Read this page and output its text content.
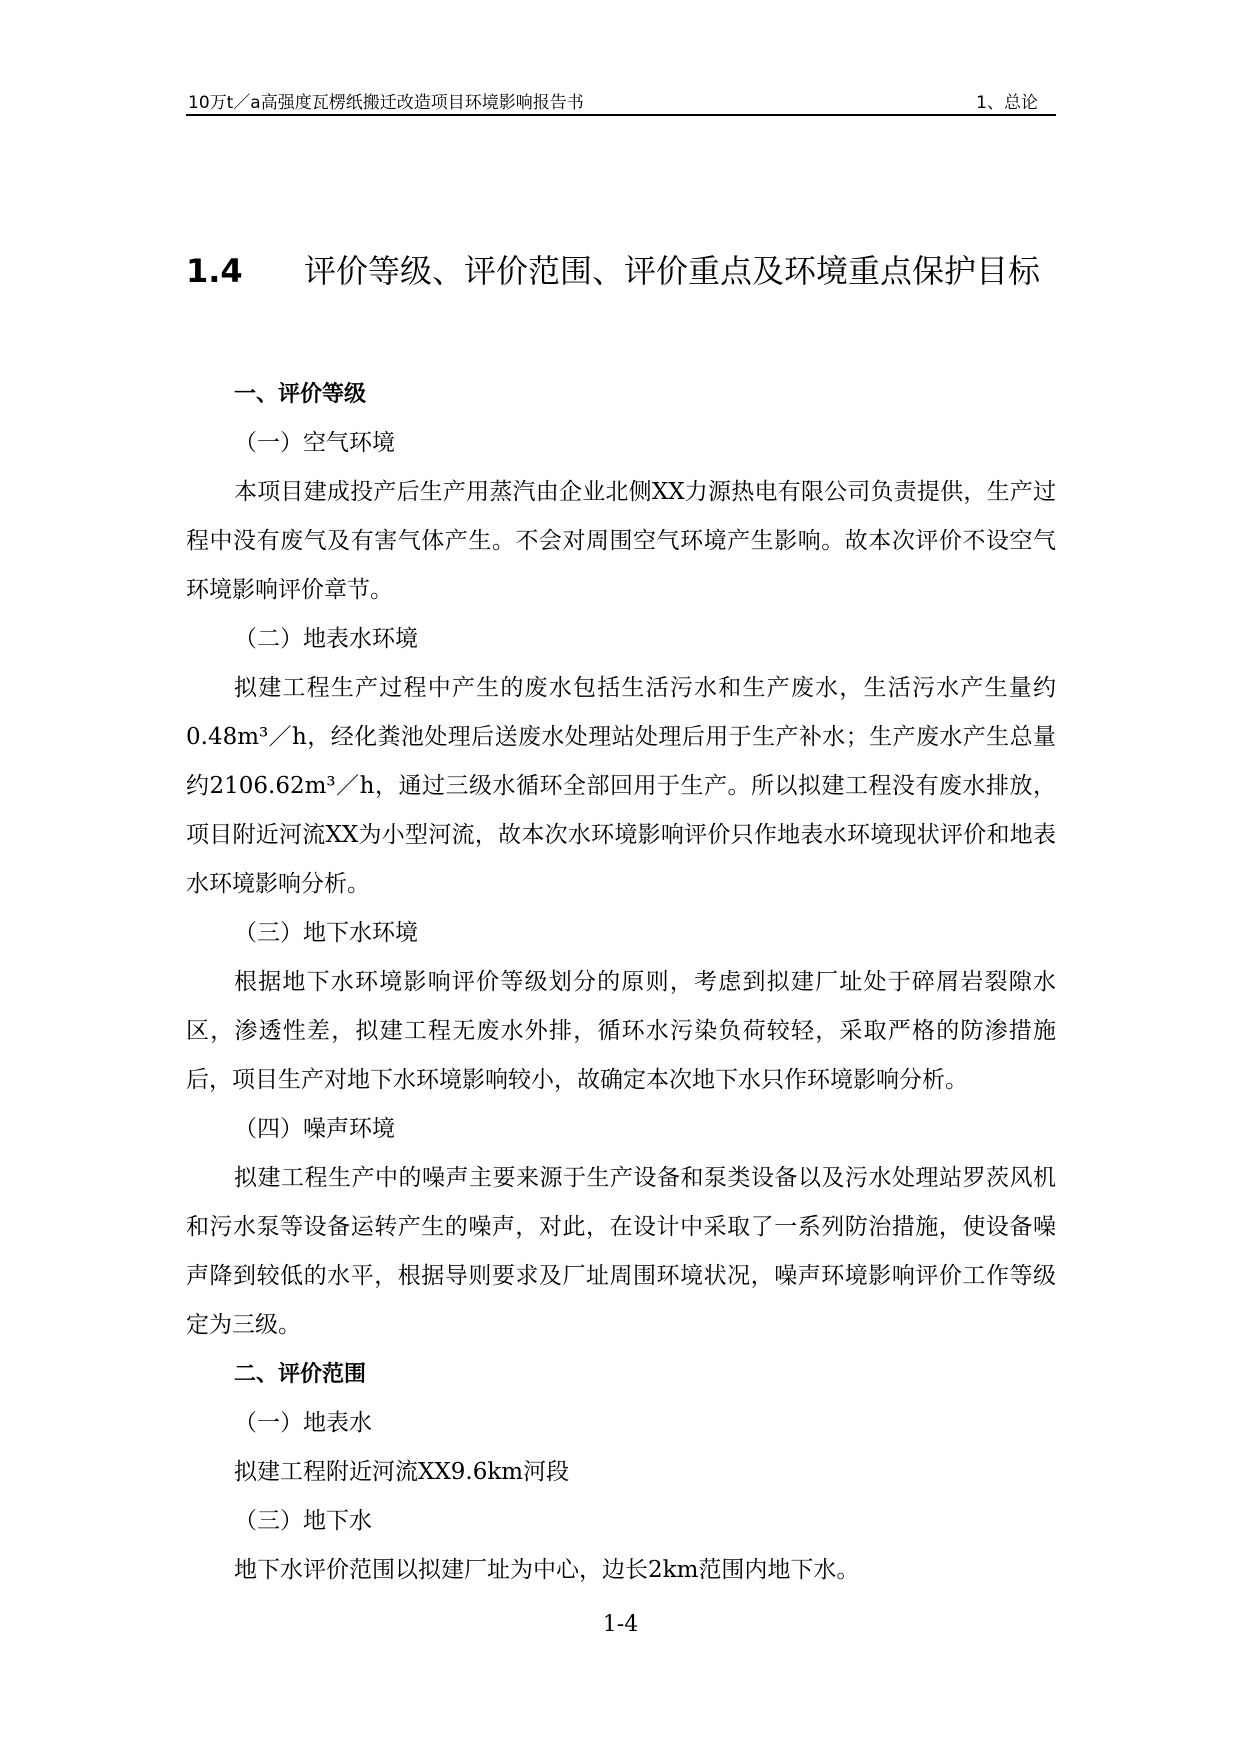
10万t／a高强度瓦楞纸搬迁改造项目环境影响报告书	1、总论
1.4 评价等级、评价范围、评价重点及环境重点保护目标
一、评价等级
（一）空气环境
本项目建成投产后生产用蒸汽由企业北侧XX力源热电有限公司负责提供，生产过程中没有废气及有害气体产生。不会对周围空气环境产生影响。故本次评价不设空气环境影响评价章节。
（二）地表水环境
拟建工程生产过程中产生的废水包括生活污水和生产废水，生活污水产生量约0.48m³／h，经化粪池处理后送废水处理站处理后用于生产补水；生产废水产生总量约2106.62m³／h，通过三级水循环全部回用于生产。所以拟建工程没有废水排放，项目附近河流XX为小型河流，故本次水环境影响评价只作地表水环境现状评价和地表水环境影响分析。
（三）地下水环境
根据地下水环境影响评价等级划分的原则，考虑到拟建厂址处于碎屑岩裂隙水区，渗透性差，拟建工程无废水外排，循环水污染负荷较轻，采取严格的防渗措施后，项目生产对地下水环境影响较小，故确定本次地下水只作环境影响分析。
（四）噪声环境
拟建工程生产中的噪声主要来源于生产设备和泵类设备以及污水处理站罗茨风机和污水泵等设备运转产生的噪声，对此，在设计中采取了一系列防治措施，使设备噪声降到较低的水平，根据导则要求及厂址周围环境状况，噪声环境影响评价工作等级定为三级。
二、评价范围
（一）地表水
拟建工程附近河流XX9.6km河段
（三）地下水
地下水评价范围以拟建厂址为中心，边长2km范围内地下水。
1-4
